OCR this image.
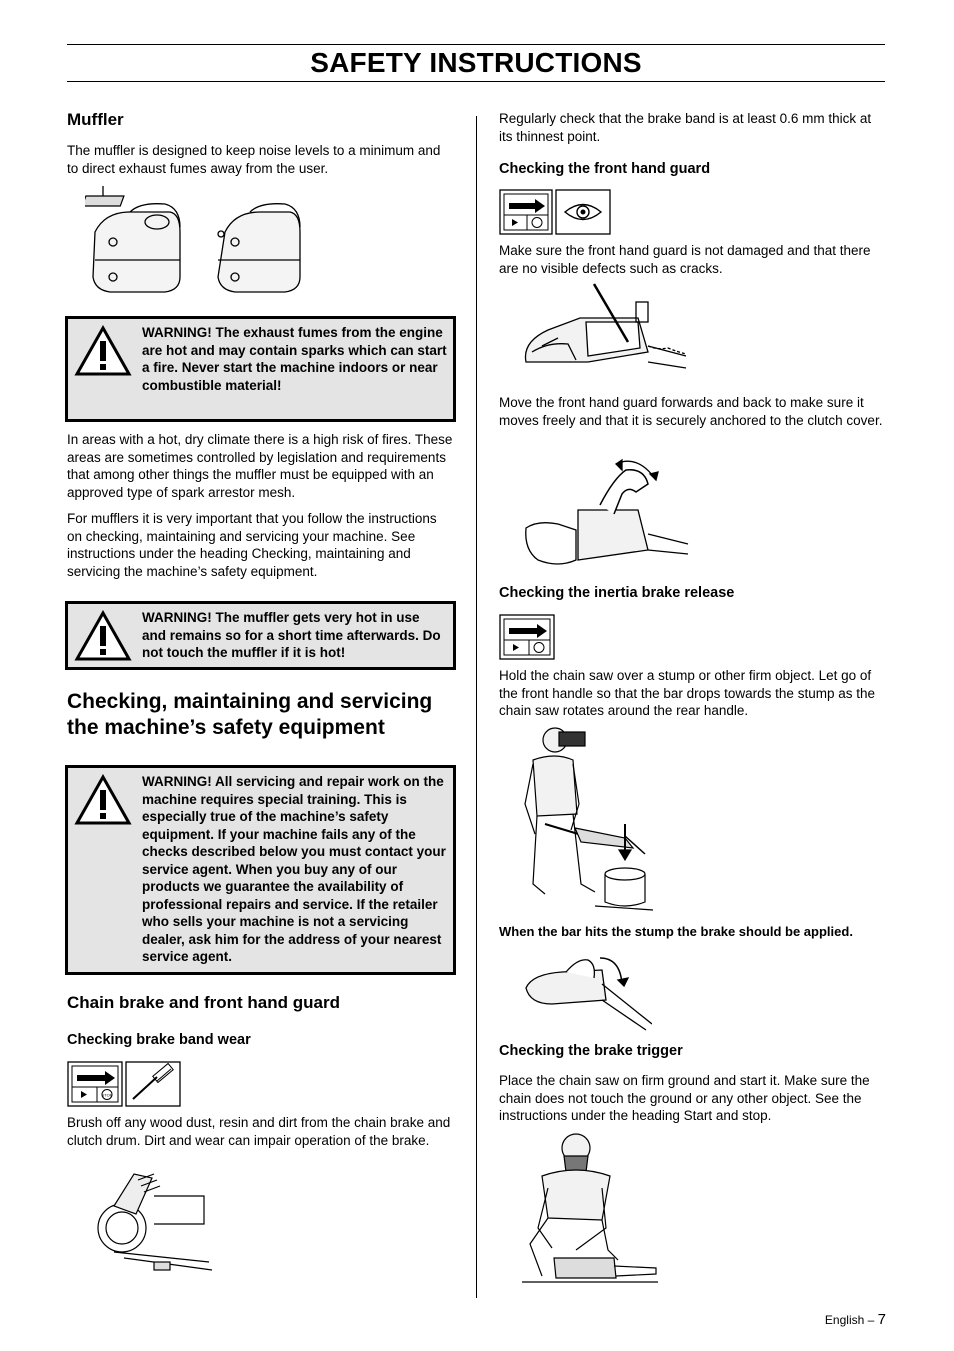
SAFETY INSTRUCTIONS
Muffler
The muffler is designed to keep noise levels to a minimum and to direct exhaust fumes away from the user.
WARNING! The exhaust fumes from the engine are hot and may contain sparks which can start a fire. Never start the machine indoors or near combustible material!
In areas with a hot, dry climate there is a high risk of fires. These areas are sometimes controlled by legislation and requirements that among other things the muffler must be equipped with an approved type of spark arrestor mesh.
For mufflers it is very important that you follow the instructions on checking, maintaining and servicing your machine. See instructions under the heading Checking, maintaining and servicing the machine’s safety equipment.
WARNING! The muffler gets very hot in use and remains so for a short time afterwards. Do not touch the muffler if it is hot!
Checking, maintaining and servicing the machine’s safety equipment
WARNING! All servicing and repair work on the machine requires special training. This is especially true of the machine’s safety equipment. If your machine fails any of the checks described below you must contact your service agent. When you buy any of our products we guarantee the availability of professional repairs and service. If the retailer who sells your machine is not a servicing dealer, ask him for the address of your nearest service agent.
Chain brake and front hand guard
Checking brake band wear
STOP
Brush off any wood dust, resin and dirt from the chain brake and clutch drum. Dirt and wear can impair operation of the brake.
Regularly check that the brake band is at least 0.6 mm thick at its thinnest point.
Checking the front hand guard
Make sure the front hand guard is not damaged and that there are no visible defects such as cracks.
Move the front hand guard forwards and back to make sure it moves freely and that it is securely anchored to the clutch cover.
Checking the inertia brake release
Hold the chain saw over a stump or other firm object. Let go of the front handle so that the bar drops towards the stump as the chain saw rotates around the rear handle.
When the bar hits the stump the brake should be applied.
Checking the brake trigger
Place the chain saw on firm ground and start it. Make sure the chain does not touch the ground or any other object. See the instructions under the heading Start and stop.
English – 7
